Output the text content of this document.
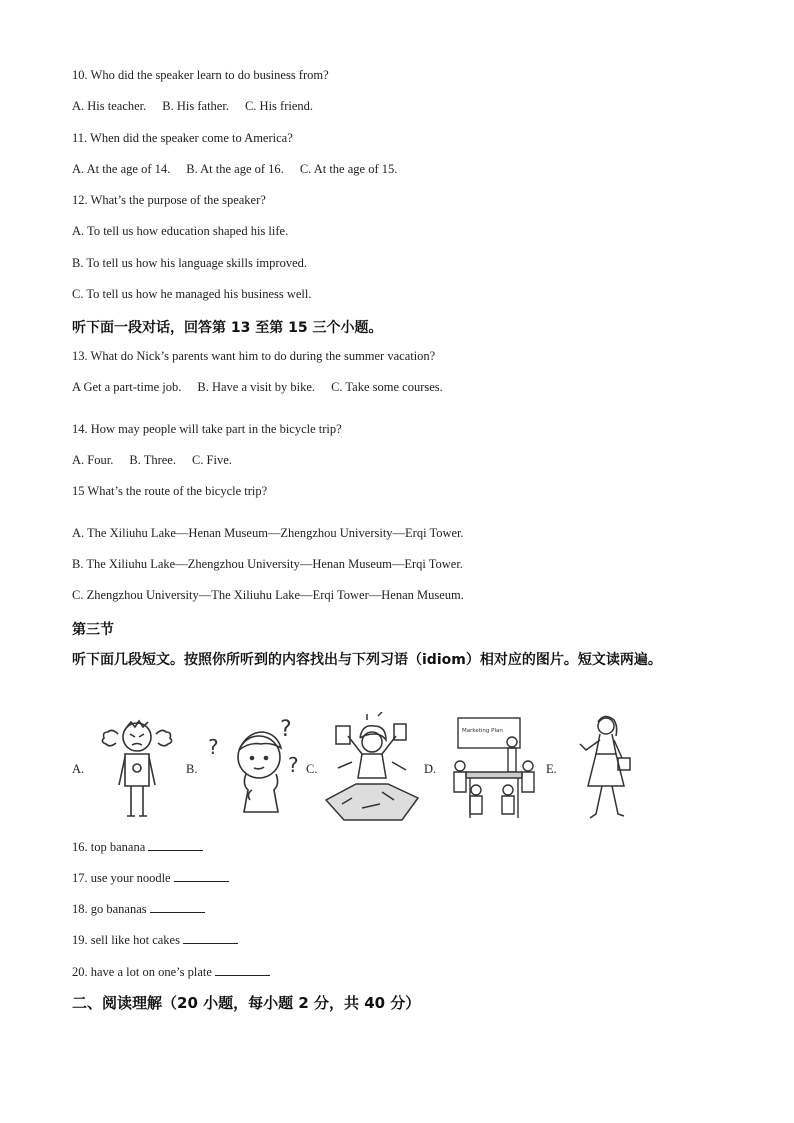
10. Who did the speaker learn to do business from?
A. His teacher. B. His father. C. His friend.
11. When did the speaker come to America?
A. At the age of 14. B. At the age of 16. C. At the age of 15.
12. What’s the purpose of the speaker?
A. To tell us how education shaped his life.
B. To tell us how his language skills improved.
C. To tell us how he managed his business well.
听下面一段对话，回答第 13 至第 15 三个小题。
13. What do Nick’s parents want him to do during the summer vacation?
A Get a part-time job. B. Have a visit by bike. C. Take some courses.
14. How may people will take part in the bicycle trip?
A. Four. B. Three. C. Five.
15 What’s the route of the bicycle trip?
A. The Xiliuhu Lake—Henan Museum—Zhengzhou University—Erqi Tower.
B. The Xiliuhu Lake—Zhengzhou University—Henan Museum—Erqi Tower.
C. Zhengzhou University—The Xiliuhu Lake—Erqi Tower—Henan Museum.
第三节
听下面几段短文。按照你所听到的内容找出与下列习语（idiom）相对应的图片。短文读两遍。
A.	B.
?
?
? C.	D.
Marketing Plan
E.
16. top banana
17. use your noodle
18. go bananas
19. sell like hot cakes
20. have a lot on one’s plate
二、阅读理解（20 小题，每小题 2 分，共 40 分）
